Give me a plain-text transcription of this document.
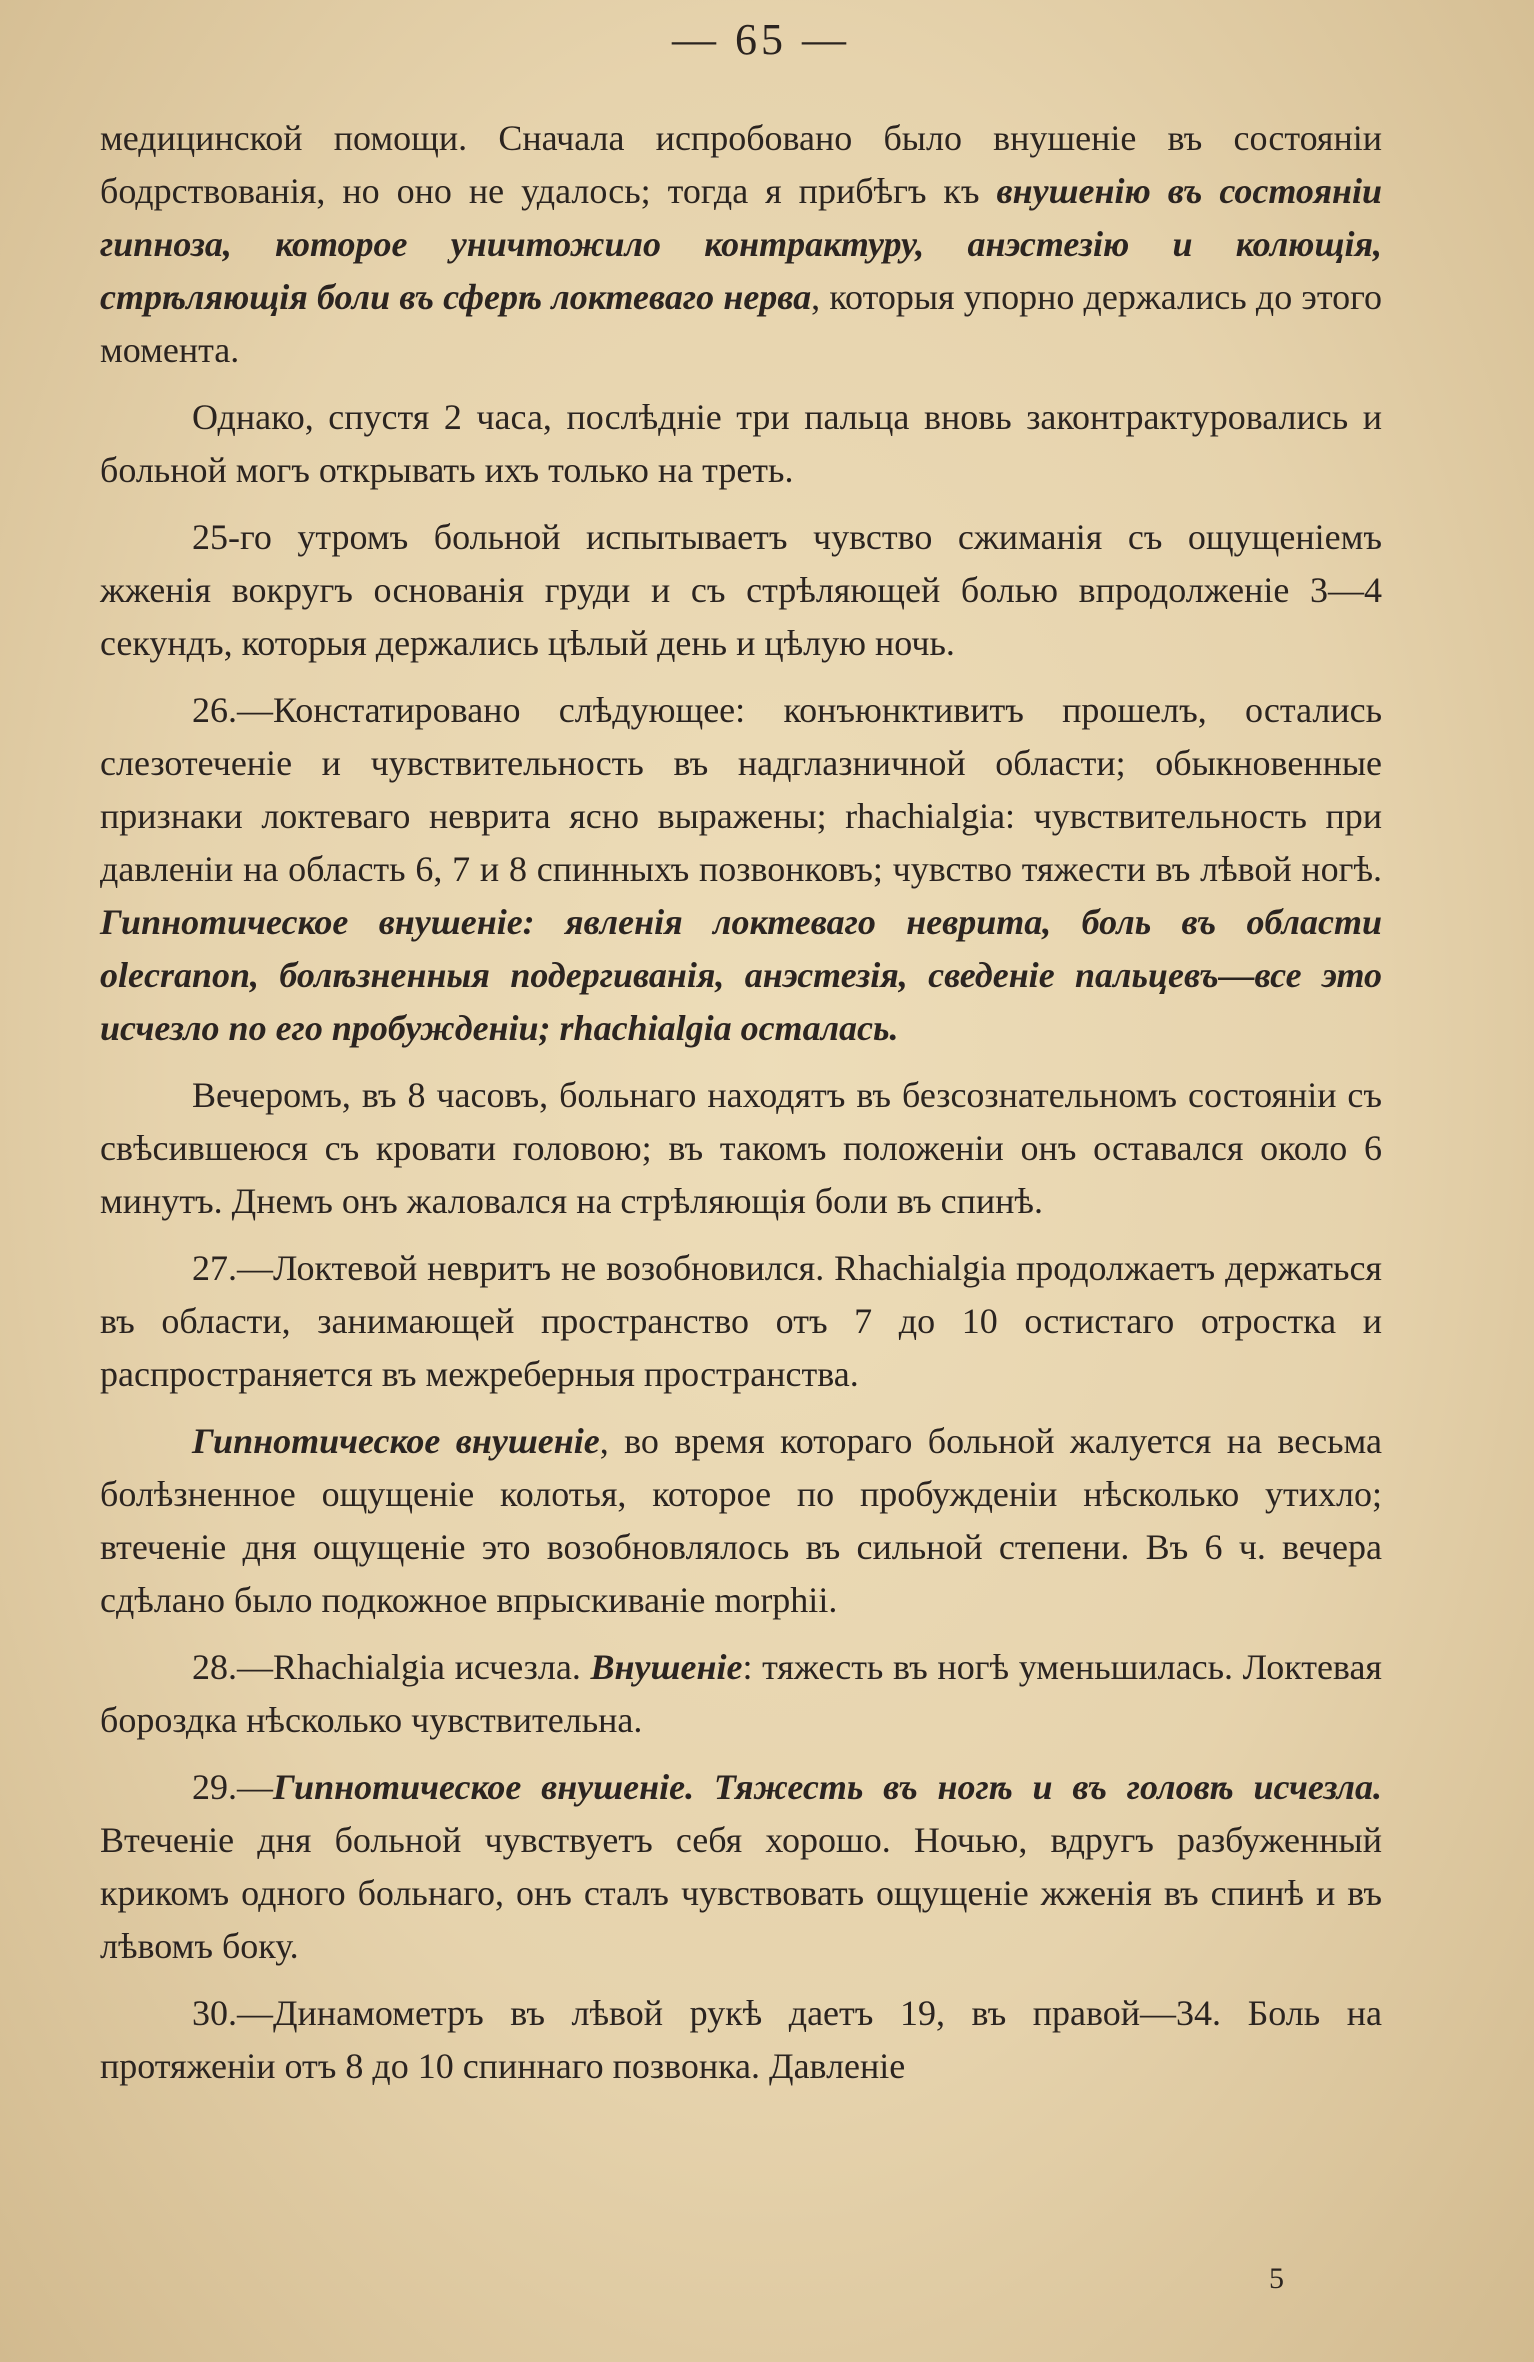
— 65 —

медицинской помощи. Сначала испробовано было внушеніе въ состояніи бодрствованія, но оно не удалось; тогда я прибѣгъ къ внушенію въ состояніи гипноза, которое уничтожило контрактуру, анэстезію и колющія, стрѣляющія боли въ сферѣ локтеваго нерва, которыя упорно держались до этого момента.

Однако, спустя 2 часа, послѣдніе три пальца вновь законтрактуровались и больной могъ открывать ихъ только на треть.

25-го утромъ больной испытываетъ чувство сжиманія съ ощущеніемъ жженія вокругъ основанія груди и съ стрѣляющей болью впродолженіе 3—4 секундъ, которыя держались цѣлый день и цѣлую ночь.

26.—Констатировано слѣдующее: конъюнктивитъ прошелъ, остались слезотеченіе и чувствительность въ надглазничной области; обыкновенные признаки локтеваго неврита ясно выражены; rhachialgia: чувствительность при давленіи на область 6, 7 и 8 спинныхъ позвонковъ; чувство тяжести въ лѣвой ногѣ. Гипнотическое внушеніе: явленія локтеваго неврита, боль въ области olecranon, болѣзненныя подергиванія, анэстезія, сведеніе пальцевъ—все это исчезло по его пробужденіи; rhachialgia осталась.

Вечеромъ, въ 8 часовъ, больнаго находятъ въ безсознательномъ состояніи съ свѣсившеюся съ кровати головою; въ такомъ положеніи онъ оставался около 6 минутъ. Днемъ онъ жаловался на стрѣляющія боли въ спинѣ.

27.—Локтевой невритъ не возобновился. Rhachialgia продолжаетъ держаться въ области, занимающей пространство отъ 7 до 10 остистаго отростка и распространяется въ межреберныя пространства.

Гипнотическое внушеніе, во время котораго больной жалуется на весьма болѣзненное ощущеніе колотья, которое по пробужденіи нѣсколько утихло; втеченіе дня ощущеніе это возобновлялось въ сильной степени. Въ 6 ч. вечера сдѣлано было подкожное впрыскиваніе morphii.

28.—Rhachialgia исчезла. Внушеніе: тяжесть въ ногѣ уменьшилась. Локтевая бороздка нѣсколько чувствительна.

29.—Гипнотическое внушеніе. Тяжесть въ ногѣ и въ головѣ исчезла. Втеченіе дня больной чувствуетъ себя хорошо. Ночью, вдругъ разбуженный крикомъ одного больнаго, онъ сталъ чувствовать ощущеніе жженія въ спинѣ и въ лѣвомъ боку.

30.—Динамометръ въ лѣвой рукѣ даетъ 19, въ правой—34. Боль на протяженіи отъ 8 до 10 спиннаго позвонка. Давленіе

5
